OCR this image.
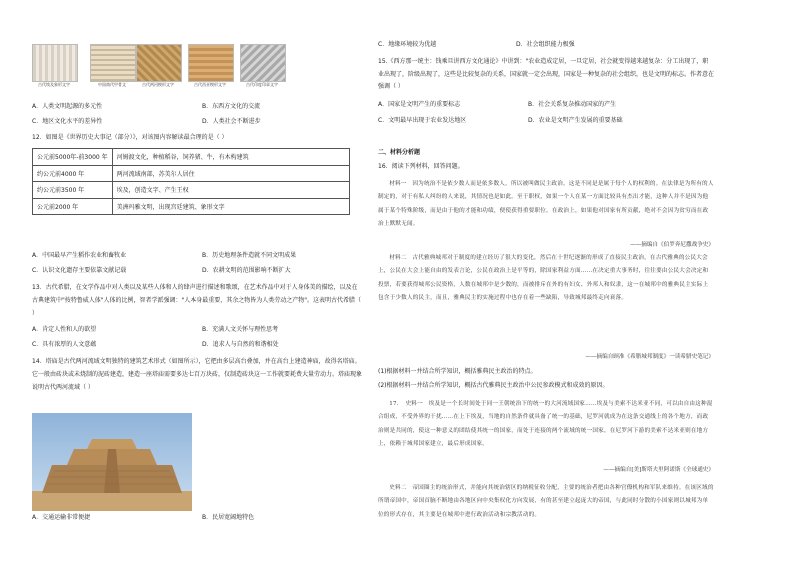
古代埃及象形文字	中国商代甲骨文	古代两河楔形文字	古代西亚楔形文字	古代印度印章文字
A．人类文明起源的多元性	B．东西方文化的交流
C．地区文化水平的差异性	D．人类社会不断进步
12．如图是《世界历史大事记（部分）》，对该图内容解读最合理的是（ ）
公元前5000年-前3000 年	河姆渡文化，种植稻谷，饲养猪、牛，有木构建筑
约公元前4000 年	两河流域南部，苏美尔人居住
约公元前3500 年	埃及，创造文字、产生王权
公元前2000 年	美洲玛雅文明，出现宫廷建筑、象形文字
A．中国最早产生稻作农业和畜牧业	B．历史地理条件造就不同文明成果
C．认识文化遗存主要依靠文献记载	D．农耕文明的范围影响不断扩大
13．古代希腊，在文学作品中对人类以及某些人体和人的肆声进行描述和歌颂，在艺术作品中对于人身体美的描绘，以及在古典建筑中"按特鲁威人体"人体的比例，智者学派强调："人本身最重要，其余之物皆为人类劳动之产物"。这表明古代希腊（ ）
A．肯定人性和人的欲望	B．充满人文关怀与理性思考
C．具有浓厚的人文意蕴	D．追求人与自然的和谐相处
14．塔庙是古代两河流域文明独特的建筑艺术形式（如图所示），它把由多层高台叠加，并在高台上建造神庙，故得名塔庙。它一般由砖块或未烧制的泥砖建造，建造一座塔庙需要多达七百万块砖，仅制造砖块这一工作就要耗费大量劳动力。塔庙现象说明古代两河流域（ ）
A．交通运输非常便捷	B．民居宽阔地特色
C．地缘环境较为优越	D．社会组织能力极强
15.《西方那一统主：钱乘旦讲西方文化通论》中讲到："农业造成定居，一旦定居，社会就变得越来越复杂：分工出现了，职业出现了，阶级出现了，这些是比较复杂的关系，国家就一定会出现，国家是一种复杂的社会组织，也是文明的标志。作者意在强调（ ）
A．国家是文明产生的重要标志	B．社会关系复杂推动国家的产生
C．文明最早出现于农业发达地区	D．农业是文明产生发展的重要基础
二、材料分析题
16．阅读下列材料，回答问题。
材料一　因为统治不是依少数人而是依多数人，所以被叫做民主政治。这是不同是是属于每个人的权利的。在法律是为所有的人制定的，对于有私人纠纷的人来说，其情况也是如此。至于职权，如果一个人在某一方面比较具有杰出才能，这种人并不是因为他属于某个特殊阶级，而是由于他的才能和功绩，便使获得重要职位。在政治上，如果他对国家有所贡献，绝对不会因为贫穷而在政治上默默无闻。
——摘编自《伯罗奔尼撒战争史》
材料二　古代雅典城邦对于制度的建立经历了很大的变化，然后在十世纪逐渐的形成了直接民主政治，在古代雅典的公民大会上，公民在大会上能自由的发表言论，公民在政治上是平等的，除国家利益方面……在决定重大事务时，往往要由公民大会决定和投票，若要获得城邦公民资格，人数在城邦中是少数的，而被排斥在外的有妇女、外邦人和奴隶，这一在城邦中的雅典民主实际上包含于少数人的民主，而且，雅典民主的实施过程中也存在着一些缺陷，导致城邦最终走向衰落。
——摘编自顾准《希腊城邦制度》一读希腊史笔记》
(1)根据材料一并结合所学知识，概括雅典民主政治的特点。
(2)根据材料一并结合所学知识，概括古代雅典民主政治中公民参政模式和成效的原因。
17．　史料一　埃及是一个长时间处于同一王朝统治下的统一的大河流域国家……埃及与美索不达米亚不同，可以由自由这种混合组成，不受外界的干扰……在上下埃及，当地的自然条件就具备了统一的基础，尼罗河就成为在这条交通线上的各个地方，而政治则是共同的，使这一种意义的团结使其统一的国家，而处于连接的两个流域的统一国家，在尼罗河下游的美索不达米亚则在地方上，依赖于城邦国家建立，最后形成国家。
——摘编自[美]斯塔夫里阿诺斯《全球通史》
史料二　帝国圈主的统治形式，并能向其统治辖区的纳税征收分配，主要的统治者把由各种官僚机构和军队来维持。在该区域的所谓帝国中，帝国首脑不断地由各地区向中央集权化方向发展，有的甚至建立起庞大的帝国，与此同时分散的小国家则以城邦为单位的形式存在，其主要是在城邦中进行政治活动和宗教活动的。
